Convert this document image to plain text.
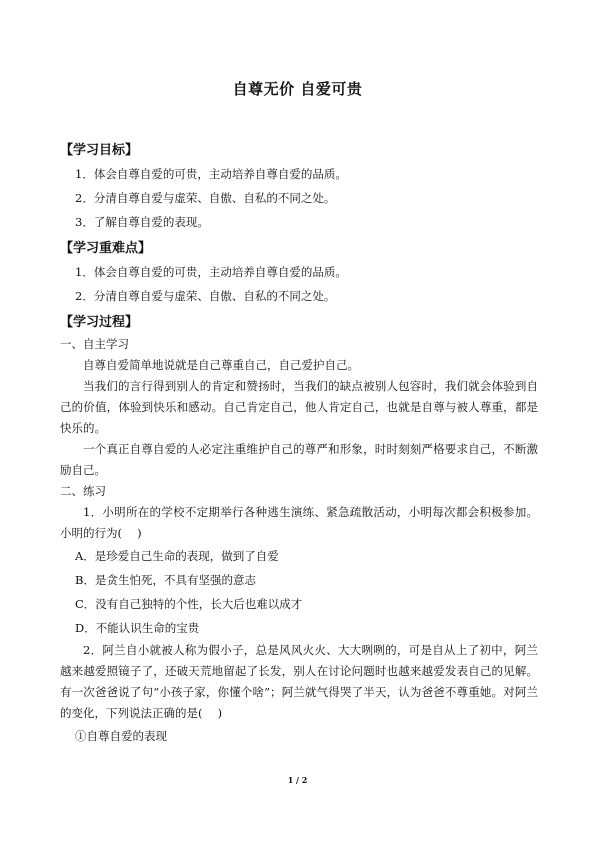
自尊无价 自爱可贵

【学习目标】

1．体会自尊自爱的可贵，主动培养自尊自爱的品质。

2．分清自尊自爱与虚荣、自傲、自私的不同之处。

3．了解自尊自爱的表现。

【学习重难点】

1．体会自尊自爱的可贵，主动培养自尊自爱的品质。

2．分清自尊自爱与虚荣、自傲、自私的不同之处。

【学习过程】

一、自主学习

自尊自爱简单地说就是自己尊重自己，自己爱护自己。

当我们的言行得到别人的肯定和赞扬时，当我们的缺点被别人包容时，我们就会体验到自己的价值，体验到快乐和感动。自己肯定自己，他人肯定自己，也就是自尊与被人尊重，都是快乐的。

一个真正自尊自爱的人必定注重维护自己的尊严和形象，时时刻刻严格要求自己，不断激励自己。

二、练习

1．小明所在的学校不定期举行各种逃生演练、紧急疏散活动，小明每次都会积极参加。小明的行为(　 )

A．是珍爱自己生命的表现，做到了自爱

B．是贪生怕死，不具有坚强的意志

C．没有自己独特的个性，长大后也难以成才

D．不能认识生命的宝贵

2．阿兰自小就被人称为假小子，总是风风火火、大大咧咧的，可是自从上了初中，阿兰越来越爱照镜子了，还破天荒地留起了长发，别人在讨论问题时也越来越爱发表自己的见解。有一次爸爸说了句“小孩子家，你懂个啥”；阿兰就气得哭了半天，认为爸爸不尊重她。对阿兰的变化，下列说法正确的是(　 )

①自尊自爱的表现

1 / 2
